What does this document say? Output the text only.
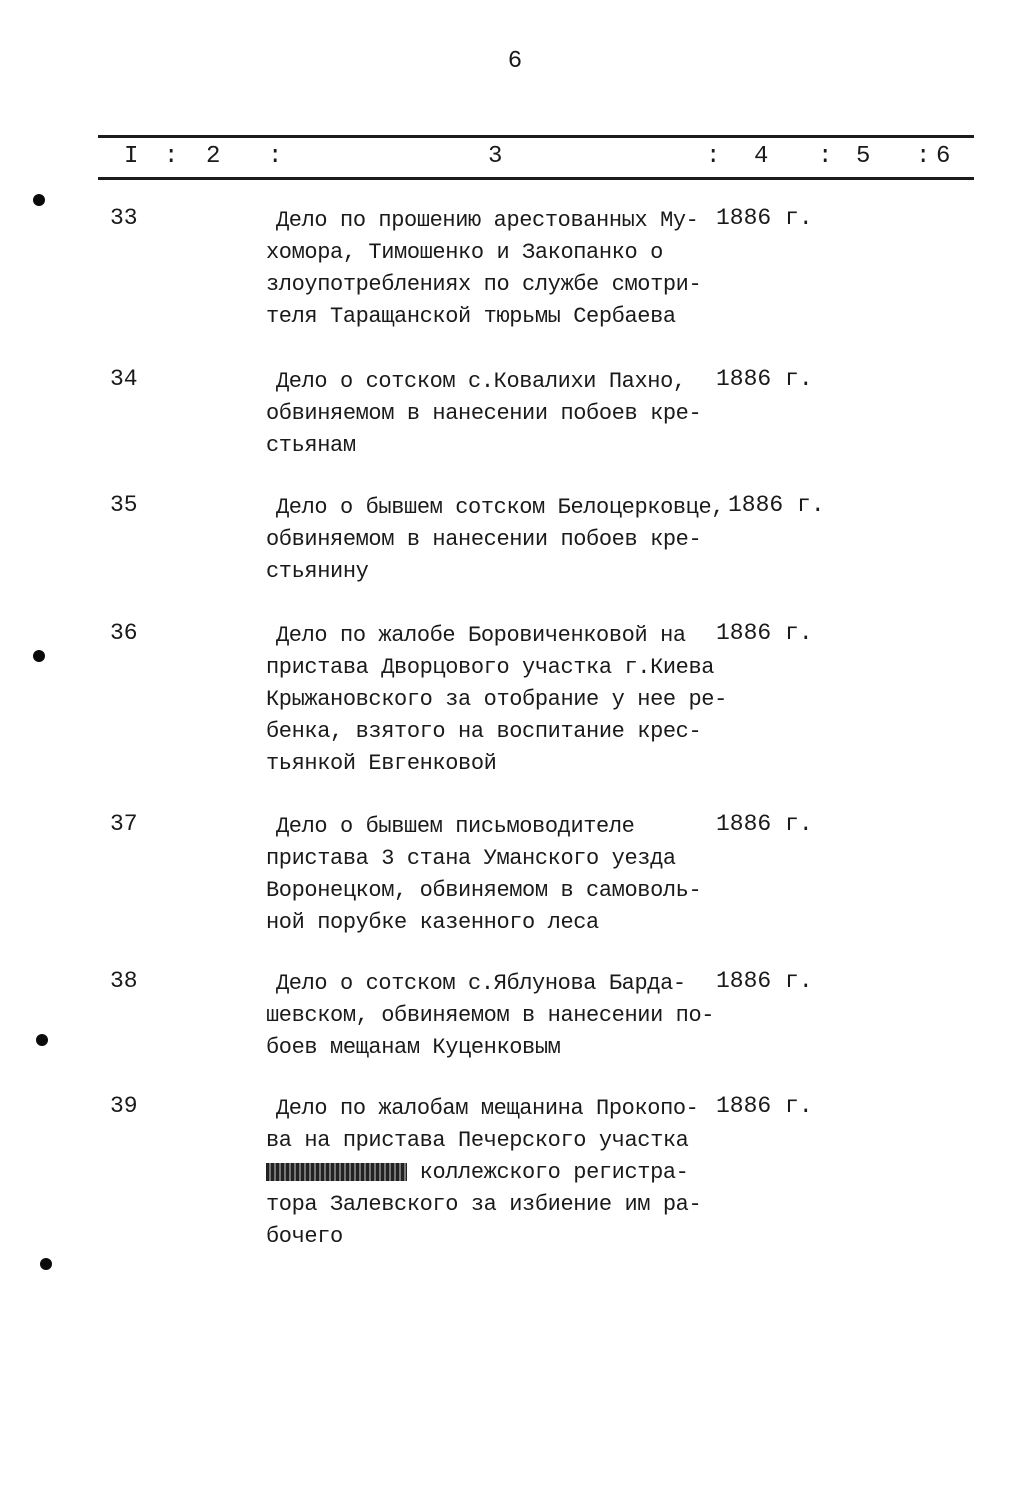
6
I : 2 :	3	: 4 : 5 : 6
33	Дело по прошению арестованных Му-
хомора, Тимошенко и Закопанко о
злоупотреблениях по службе смотри-
теля Таращанской тюрьмы Сербаева
1886 г.
34	Дело о сотском с.Ковалихи Пахно,
обвиняемом в нанесении побоев кре-
стьянам
1886 г.
35	Дело о бывшем сотском Белоцерковце,
обвиняемом в нанесении побоев кре-
стьянину
1886 г.
36	Дело по жалобе Боровиченковой на
пристава Дворцового участка г.Киева
Крыжановского за отобрание у нее ре-
бенка, взятого на воспитание крес-
тьянкой Евгенковой
1886 г.
37	Дело о бывшем письмоводителе
пристава 3 стана Уманского уезда
Воронецком, обвиняемом в самоволь-
ной порубке казенного леса
1886 г.
38	Дело о сотском с.Яблунова Барда-
шевском, обвиняемом в нанесении по-
боев мещанам Куценковым
1886 г.
39	Дело по жалобам мещанина Прокопо-
ва на пристава Печерского участка
коллежского регистра-
тора Залевского за избиение им ра-
бочего
1886 г.
